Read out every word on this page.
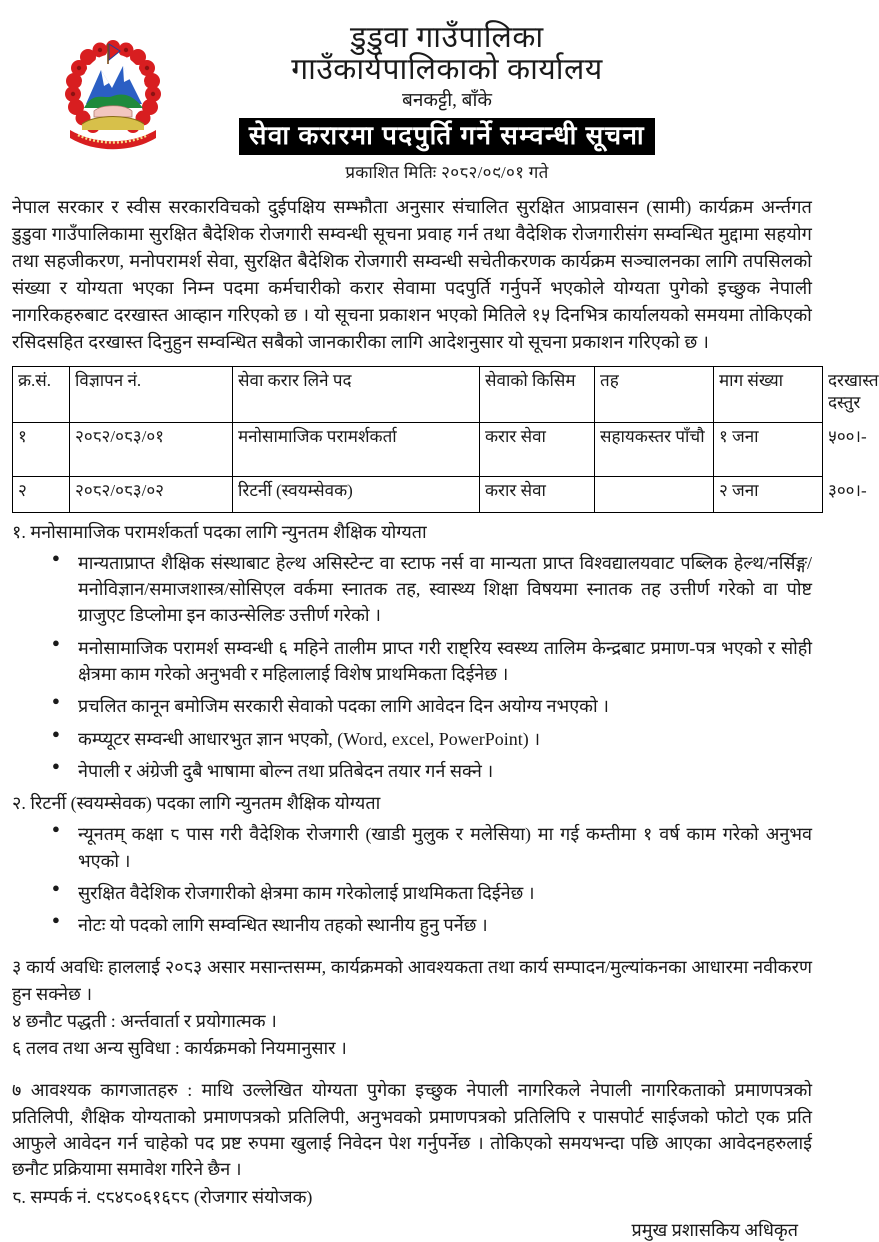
डुडुवा गाउँपालिका
गाउँकार्यपालिकाको कार्यालय
बनकट्टी, बाँके
सेवा करारमा पदपुर्ति गर्ने सम्वन्धी सूचना
प्रकाशित मितिः २०८२/०९/०१ गते
नेपाल सरकार र स्वीस सरकारविचको दुईपक्षिय सम्झौता अनुसार संचालित सुरक्षित आप्रवासन (सामी) कार्यक्रम अर्न्तगत डुडुवा गाउँपालिकामा सुरक्षित बैदेशिक रोजगारी सम्वन्धी सूचना प्रवाह गर्न तथा वैदेशिक रोजगारीसंग सम्वन्धित मुद्दामा सहयोग तथा सहजीकरण, मनोपरामर्श सेवा, सुरक्षित बैदेशिक रोजगारी सम्वन्धी सचेतीकरणक कार्यक्रम सञ्चालनका लागि तपसिलको संख्या र योग्यता भएका निम्न पदमा कर्मचारीको करार सेवामा पदपुर्ति गर्नुपर्ने भएकोले योग्यता पुगेको इच्छुक नेपाली नागरिकहरुबाट दरखास्त आव्हान गरिएको छ । यो सूचना प्रकाशन भएको मितिले १५ दिनभित्र कार्यालयको समयमा तोकिएको रसिदसहित दरखास्त दिनुहुन सम्वन्धित सबैको जानकारीका लागि आदेशनुसार यो सूचना प्रकाशन गरिएको छ ।
क्र.सं.	विज्ञापन नं.	सेवा करार लिने पद	सेवाको किसिम	तह	माग संख्या	दरखास्त दस्तुर
१	२०८२/०८३/०१	मनोसामाजिक परामर्शकर्ता	करार सेवा	सहायकस्तर पाँचौ	१ जना	५००।-
२	२०८२/०८३/०२	रिटर्नी (स्वयम्सेवक)	करार सेवा		२ जना	३००।-
१. मनोसामाजिक परामर्शकर्ता पदका लागि न्युनतम शैक्षिक योग्यता
● मान्यताप्राप्त शैक्षिक संस्थाबाट हेल्थ असिस्टेन्ट वा स्टाफ नर्स वा मान्यता प्राप्त विश्वद्यालयवाट पब्लिक हेल्थ/नर्सिङ्ग/मनोविज्ञान/समाजशास्त्र/सोसिएल वर्कमा स्नातक तह, स्वास्थ्य शिक्षा विषयमा स्नातक तह उत्तीर्ण गरेको वा पोष्ट ग्राजुएट डिप्लोमा इन काउन्सेलिङ उत्तीर्ण गरेको ।
● मनोसामाजिक परामर्श सम्वन्धी ६ महिने तालीम प्राप्त गरी राष्ट्रिय स्वस्थ्य तालिम केन्द्रबाट प्रमाण-पत्र भएको र सोही क्षेत्रमा काम गरेको अनुभवी र महिलालाई विशेष प्राथमिकता दिईनेछ ।
● प्रचलित कानून बमोजिम सरकारी सेवाको पदका लागि आवेदन दिन अयोग्य नभएको ।
● कम्प्यूटर सम्वन्धी आधारभुत ज्ञान भएको, (Word, excel, PowerPoint) ।
● नेपाली र अंग्रेजी दुबै भाषामा बोल्न तथा प्रतिबेदन तयार गर्न सक्ने ।
२. रिटर्नी (स्वयम्सेवक) पदका लागि न्युनतम शैक्षिक योग्यता
● न्यूनतम् कक्षा ८ पास गरी वैदेशिक रोजगारी (खाडी मुलुक र मलेसिया) मा गई कम्तीमा १ वर्ष काम गरेको अनुभव भएको ।
● सुरक्षित वैदेशिक रोजगारीको क्षेत्रमा काम गरेकोलाई प्राथमिकता दिईनेछ ।
● नोटः यो पदको लागि सम्वन्धित स्थानीय तहको स्थानीय हुनु पर्नेछ ।
३ कार्य अवधिः हाललाई २०८३ असार मसान्तसम्म, कार्यक्रमको आवश्यकता तथा कार्य सम्पादन/मुल्यांकनका आधारमा नवीकरण हुन सक्नेछ ।
४ छनौट पद्धती : अर्न्तवार्ता र प्रयोगात्मक ।
६ तलव तथा अन्य सुविधा : कार्यक्रमको नियमानुसार ।
७ आवश्यक कागजातहरु : माथि उल्लेखित योग्यता पुगेका इच्छुक नेपाली नागरिकले नेपाली नागरिकताको प्रमाणपत्रको प्रतिलिपी, शैक्षिक योग्यताको प्रमाणपत्रको प्रतिलिपी, अनुभवको प्रमाणपत्रको प्रतिलिपि र पासपोर्ट साईजको फोटो एक प्रति आफुले आवेदन गर्न चाहेको पद प्रष्ट रुपमा खुलाई निवेदन पेश गर्नुपर्नेछ । तोकिएको समयभन्दा पछि आएका आवेदनहरुलाई छनौट प्रक्रियामा समावेश गरिने छैन ।
८. सम्पर्क नं. ९८४८०६१६८८ (रोजगार संयोजक)
प्रमुख प्रशासकिय अधिकृत
